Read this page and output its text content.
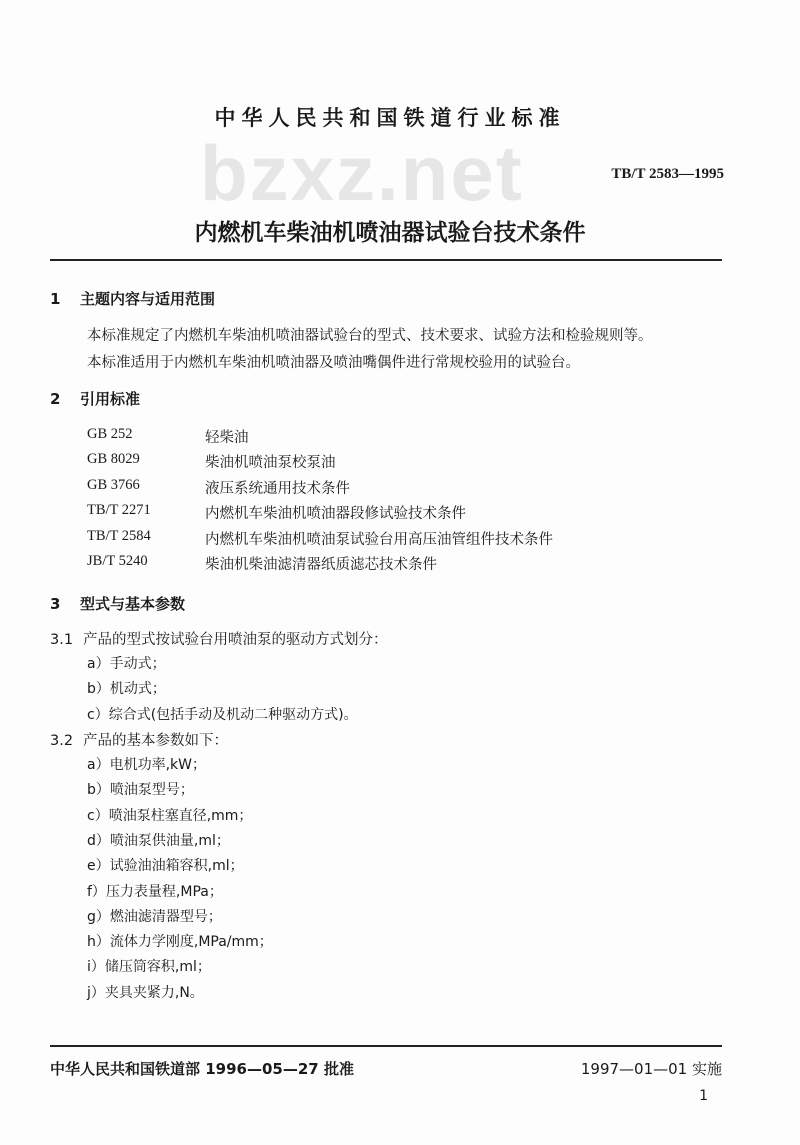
中华人民共和国铁道行业标准
bzxz.net	TB/T 2583—1995
内燃机车柴油机喷油器试验台技术条件
1 主题内容与适用范围
本标准规定了内燃机车柴油机喷油器试验台的型式、技术要求、试验方法和检验规则等。
本标准适用于内燃机车柴油机喷油器及喷油嘴偶件进行常规校验用的试验台。
2 引用标准
GB 252	轻柴油
GB 8029	柴油机喷油泵校泵油
GB 3766	液压系统通用技术条件
TB/T 2271	内燃机车柴油机喷油器段修试验技术条件
TB/T 2584	内燃机车柴油机喷油泵试验台用高压油管组件技术条件
JB/T 5240	柴油机柴油滤清器纸质滤芯技术条件
3 型式与基本参数
3.1 产品的型式按试验台用喷油泵的驱动方式划分：
a）手动式；
b）机动式；
c）综合式(包括手动及机动二种驱动方式)。
3.2 产品的基本参数如下：
a）电机功率,kW；
b）喷油泵型号；
c）喷油泵柱塞直径,mm；
d）喷油泵供油量,ml；
e）试验油油箱容积,ml；
f）压力表量程,MPa；
g）燃油滤清器型号；
h）流体力学刚度,MPa/mm；
i）储压筒容积,ml；
j）夹具夹紧力,N。
中华人民共和国铁道部 1996—05—27 批准	1997—01—01 实施
1
